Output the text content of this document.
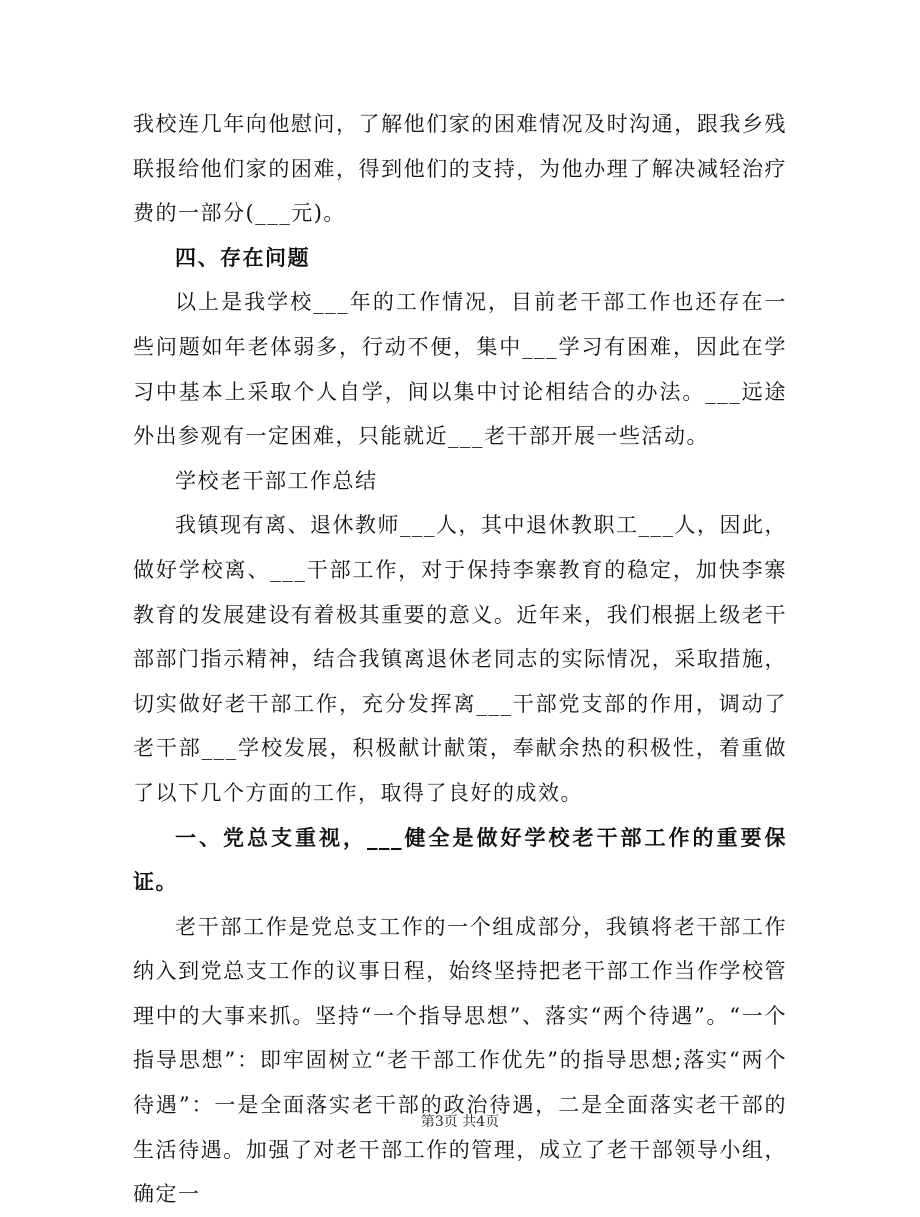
我校连几年向他慰问，了解他们家的困难情况及时沟通，跟我乡残联报给他们家的困难，得到他们的支持，为他办理了解决减轻治疗费的一部分(___元)。

四、存在问题

以上是我学校___年的工作情况，目前老干部工作也还存在一些问题如年老体弱多，行动不便，集中___学习有困难，因此在学习中基本上采取个人自学，间以集中讨论相结合的办法。___远途外出参观有一定困难，只能就近___老干部开展一些活动。

学校老干部工作总结

我镇现有离、退休教师___人，其中退休教职工___人，因此，做好学校离、___干部工作，对于保持李寨教育的稳定，加快李寨教育的发展建设有着极其重要的意义。近年来，我们根据上级老干部部门指示精神，结合我镇离退休老同志的实际情况，采取措施，切实做好老干部工作，充分发挥离___干部党支部的作用，调动了老干部___学校发展，积极献计献策，奉献余热的积极性，着重做了以下几个方面的工作，取得了良好的成效。

一、党总支重视，___健全是做好学校老干部工作的重要保证。

老干部工作是党总支工作的一个组成部分，我镇将老干部工作纳入到党总支工作的议事日程，始终坚持把老干部工作当作学校管理中的大事来抓。坚持“一个指导思想”、落实“两个待遇”。“一个指导思想”：即牢固树立“老干部工作优先”的指导思想;落实“两个待遇”：一是全面落实老干部的政治待遇，二是全面落实老干部的生活待遇。加强了对老干部工作的管理，成立了老干部领导小组，确定一

第3页 共4页
